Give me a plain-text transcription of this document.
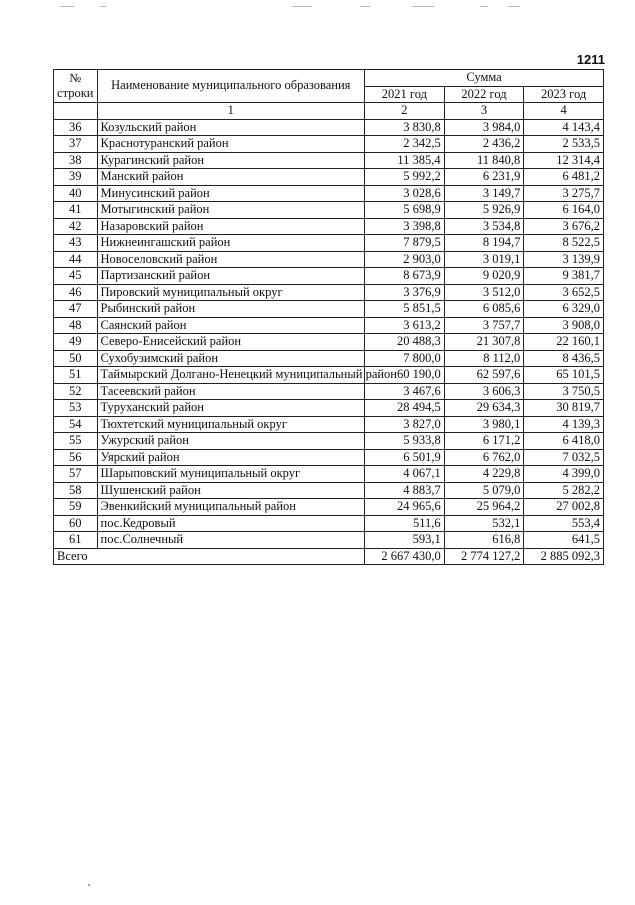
1211
№ строки	Наименование муниципального образования	Сумма		
		2021 год	2022 год	2023 год
	1	2	3	4
36	Козульский район	3 830,8	3 984,0	4 143,4
37	Краснотуранский район	2 342,5	2 436,2	2 533,5
38	Курагинский район	11 385,4	11 840,8	12 314,4
39	Манский район	5 992,2	6 231,9	6 481,2
40	Минусинский район	3 028,6	3 149,7	3 275,7
41	Мотыгинский район	5 698,9	5 926,9	6 164,0
42	Назаровский район	3 398,8	3 534,8	3 676,2
43	Нижнеингашский район	7 879,5	8 194,7	8 522,5
44	Новоселовский район	2 903,0	3 019,1	3 139,9
45	Партизанский район	8 673,9	9 020,9	9 381,7
46	Пировский муниципальный округ	3 376,9	3 512,0	3 652,5
47	Рыбинский район	5 851,5	6 085,6	6 329,0
48	Саянский район	3 613,2	3 757,7	3 908,0
49	Северо-Енисейский район	20 488,3	21 307,8	22 160,1
50	Сухобузимский район	7 800,0	8 112,0	8 436,5
51	Таймырский Долгано-Ненецкий муниципальный район	60 190,0	62 597,6	65 101,5
52	Тасеевский район	3 467,6	3 606,3	3 750,5
53	Туруханский район	28 494,5	29 634,3	30 819,7
54	Тюхтетский муниципальный округ	3 827,0	3 980,1	4 139,3
55	Ужурский район	5 933,8	6 171,2	6 418,0
56	Уярский район	6 501,9	6 762,0	7 032,5
57	Шарыповский муниципальный округ	4 067,1	4 229,8	4 399,0
58	Шушенский район	4 883,7	5 079,0	5 282,2
59	Эвенкийский муниципальный район	24 965,6	25 964,2	27 002,8
60	пос.Кедровый	511,6	532,1	553,4
61	пос.Солнечный	593,1	616,8	641,5
Всего		2 667 430,0	2 774 127,2	2 885 092,3
